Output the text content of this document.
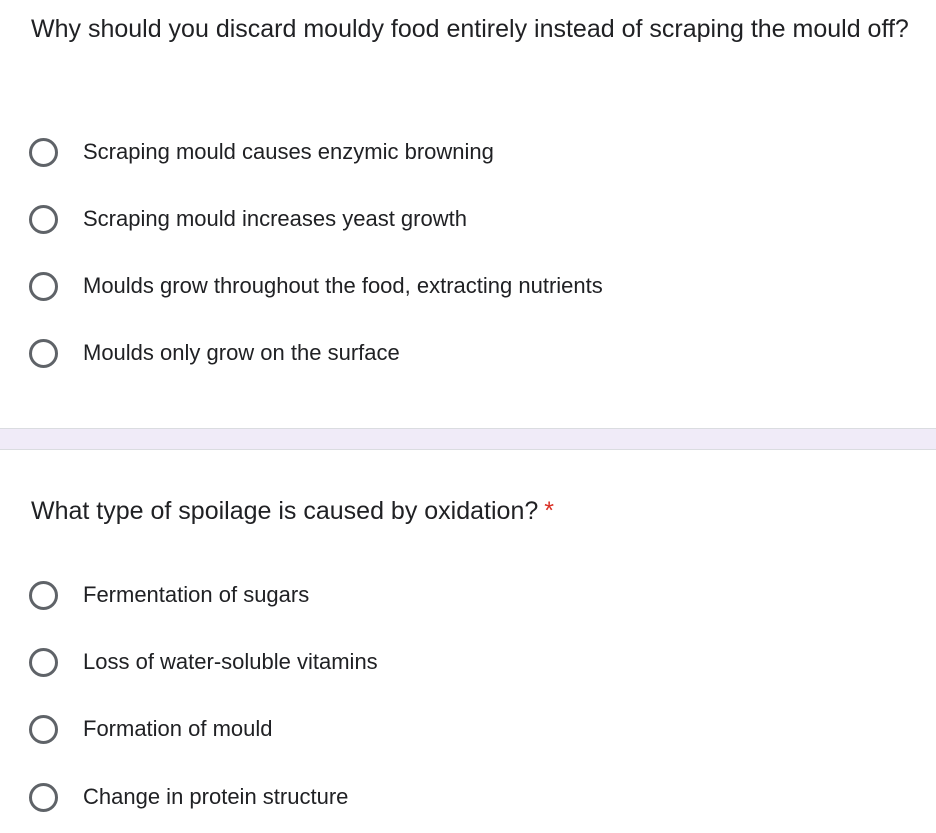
Why should you discard mouldy food entirely instead of scraping the mould off?

Scraping mould causes enzymic browning
Scraping mould increases yeast growth
Moulds grow throughout the food, extracting nutrients
Moulds only grow on the surface

What type of spoilage is caused by oxidation? *

Fermentation of sugars
Loss of water-soluble vitamins
Formation of mould
Change in protein structure
